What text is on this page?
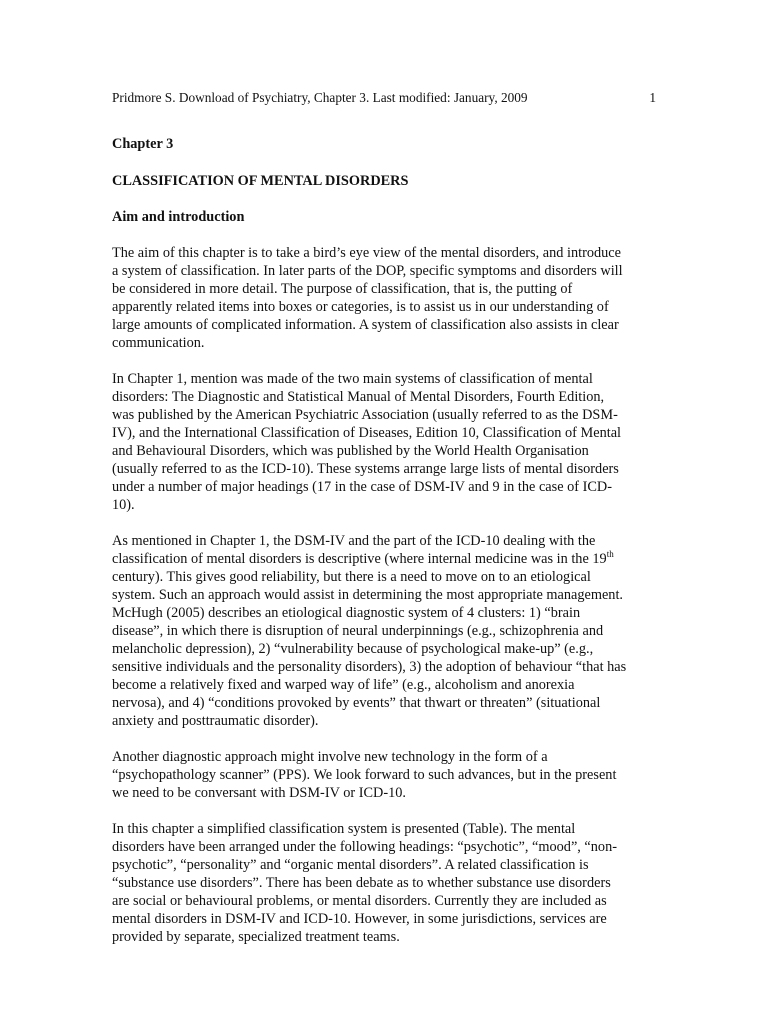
Pridmore S. Download of Psychiatry, Chapter 3. Last modified: January, 2009	1

Chapter 3

CLASSIFICATION OF MENTAL DISORDERS

Aim and introduction

The aim of this chapter is to take a bird’s eye view of the mental disorders, and introduce
a system of classification. In later parts of the DOP, specific symptoms and disorders will
be considered in more detail. The purpose of classification, that is, the putting of
apparently related items into boxes or categories, is to assist us in our understanding of
large amounts of complicated information. A system of classification also assists in clear
communication.

In Chapter 1, mention was made of the two main systems of classification of mental
disorders: The Diagnostic and Statistical Manual of Mental Disorders, Fourth Edition,
was published by the American Psychiatric Association (usually referred to as the DSM-
IV), and the International Classification of Diseases, Edition 10, Classification of Mental
and Behavioural Disorders, which was published by the World Health Organisation
(usually referred to as the ICD-10). These systems arrange large lists of mental disorders
under a number of major headings (17 in the case of DSM-IV and 9 in the case of ICD-
10).

As mentioned in Chapter 1, the DSM-IV and the part of the ICD-10 dealing with the
classification of mental disorders is descriptive (where internal medicine was in the 19th
century). This gives good reliability, but there is a need to move on to an etiological
system. Such an approach would assist in determining the most appropriate management.
McHugh (2005) describes an etiological diagnostic system of 4 clusters: 1) “brain
disease”, in which there is disruption of neural underpinnings (e.g., schizophrenia and
melancholic depression), 2) “vulnerability because of psychological make-up” (e.g.,
sensitive individuals and the personality disorders), 3) the adoption of behaviour “that has
become a relatively fixed and warped way of life” (e.g., alcoholism and anorexia
nervosa), and 4) “conditions provoked by events” that thwart or threaten” (situational
anxiety and posttraumatic disorder).

Another diagnostic approach might involve new technology in the form of a
“psychopathology scanner” (PPS). We look forward to such advances, but in the present
we need to be conversant with DSM-IV or ICD-10.

In this chapter a simplified classification system is presented (Table). The mental
disorders have been arranged under the following headings: “psychotic”, “mood”, “non-
psychotic”, “personality” and “organic mental disorders”. A related classification is
“substance use disorders”. There has been debate as to whether substance use disorders
are social or behavioural problems, or mental disorders. Currently they are included as
mental disorders in DSM-IV and ICD-10. However, in some jurisdictions, services are
provided by separate, specialized treatment teams.
